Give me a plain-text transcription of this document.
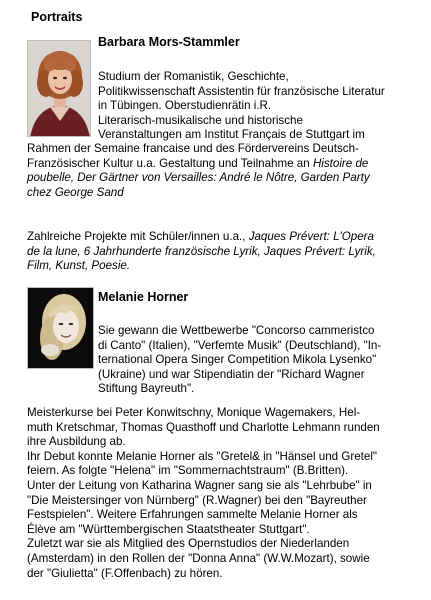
Portraits
Barbara Mors-Stammler
Studium der Romanistik, Geschichte,
Politikwissenschaft Assistentin für französische Literatur
in Tübingen. Oberstudienrätin i.R.
Literarisch-musikalische und historische
Veranstaltungen am Institut Français de Stuttgart im
Rahmen der Semaine francaise und des Fördervereins Deutsch-
Französischer Kultur u.a. Gestaltung und Teilnahme an Histoire de
poubelle, Der Gärtner von Versailles: André le Nôtre, Garden Party
chez George Sand
Zahlreiche Projekte mit Schüler/innen u.a., Jaques Prévert: L'Opera
de la lune, 6 Jahrhunderte französische Lyrik, Jaques Prévert: Lyrik,
Film, Kunst, Poesie.
Melanie Horner
Sie gewann die Wettbewerbe "Concorso cammeristco
di Canto" (Italien), "Verfemte Musik" (Deutschland), "In-
ternational Opera Singer Competition Mikola Lysenko"
(Ukraine) und war Stipendiatin der "Richard Wagner
Stiftung Bayreuth".
Meisterkurse bei Peter Konwitschny, Monique Wagemakers, Hel-
muth Kretschmar, Thomas Quasthoff und Charlotte Lehmann runden
ihre Ausbildung ab.
Ihr Debut konnte Melanie Horner als "Gretel& in "Hänsel und Gretel"
feiern. As folgte "Helena" im "Sommernachtstraum" (B.Britten).
Unter der Leitung von Katharina Wagner sang sie als "Lehrbube" in
"Die Meistersinger von Nürnberg" (R.Wagner) bei den "Bayreuther
Festspielen". Weitere Erfahrungen sammelte Melanie Horner als
Élève am "Württembergischen Staatstheater Stuttgart".
Zuletzt war sie als Mitglied des Opernstudios der Niederlanden
(Amsterdam) in den Rollen der "Donna Anna" (W.W.Mozart), sowie
der "Giulietta" (F.Offenbach) zu hören.
